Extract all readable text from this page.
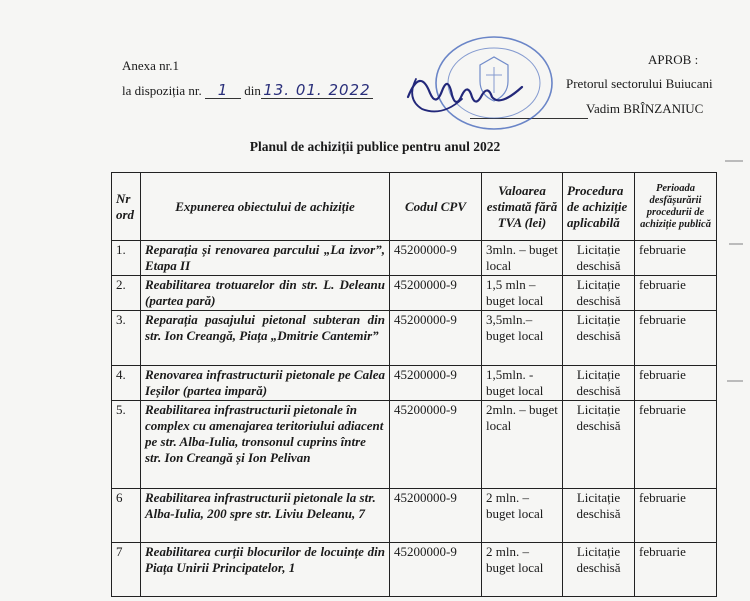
Anexa nr.1
la dispoziția nr. 1 din 13. 01. 2022
APROB :
Pretorul sectorului Buiucani
Vadim BRÎNZANIUC
Planul de achiziții publice pentru anul 2022
Nr ord	Expunerea obiectului de achiziție	Codul CPV	Valoarea estimată fără TVA (lei)	Procedura de achiziție aplicabilă	Perioada desfășurării procedurii de achiziție publică
1.	Reparația și renovarea parcului „La izvor”, Etapa II	45200000-9	3mln. – buget local	Licitație deschisă	februarie
2.	Reabilitarea trotuarelor din str. L. Deleanu (partea pară)	45200000-9	1,5 mln – buget local	Licitație deschisă	februarie
3.	Reparația pasajului pietonal subteran din str. Ion Creangă, Piața „Dmitrie Cantemir”	45200000-9	3,5mln.– buget local	Licitație deschisă	februarie
4.	Renovarea infrastructurii pietonale pe Calea Ieșilor (partea impară)	45200000-9	1,5mln. - buget local	Licitație deschisă	februarie
5.	Reabilitarea infrastructurii pietonale în complex cu amenajarea teritoriului adiacent pe str. Alba-Iulia, tronsonul cuprins între str. Ion Creangă și Ion Pelivan	45200000-9	2mln. – buget local	Licitație deschisă	februarie
6	Reabilitarea infrastructurii pietonale la str. Alba-Iulia, 200 spre str. Liviu Deleanu, 7	45200000-9	2 mln. – buget local	Licitație deschisă	februarie
7	Reabilitarea curții blocurilor de locuințe din Piața Unirii Principatelor, 1	45200000-9	2 mln. – buget local	Licitație deschisă	februarie
